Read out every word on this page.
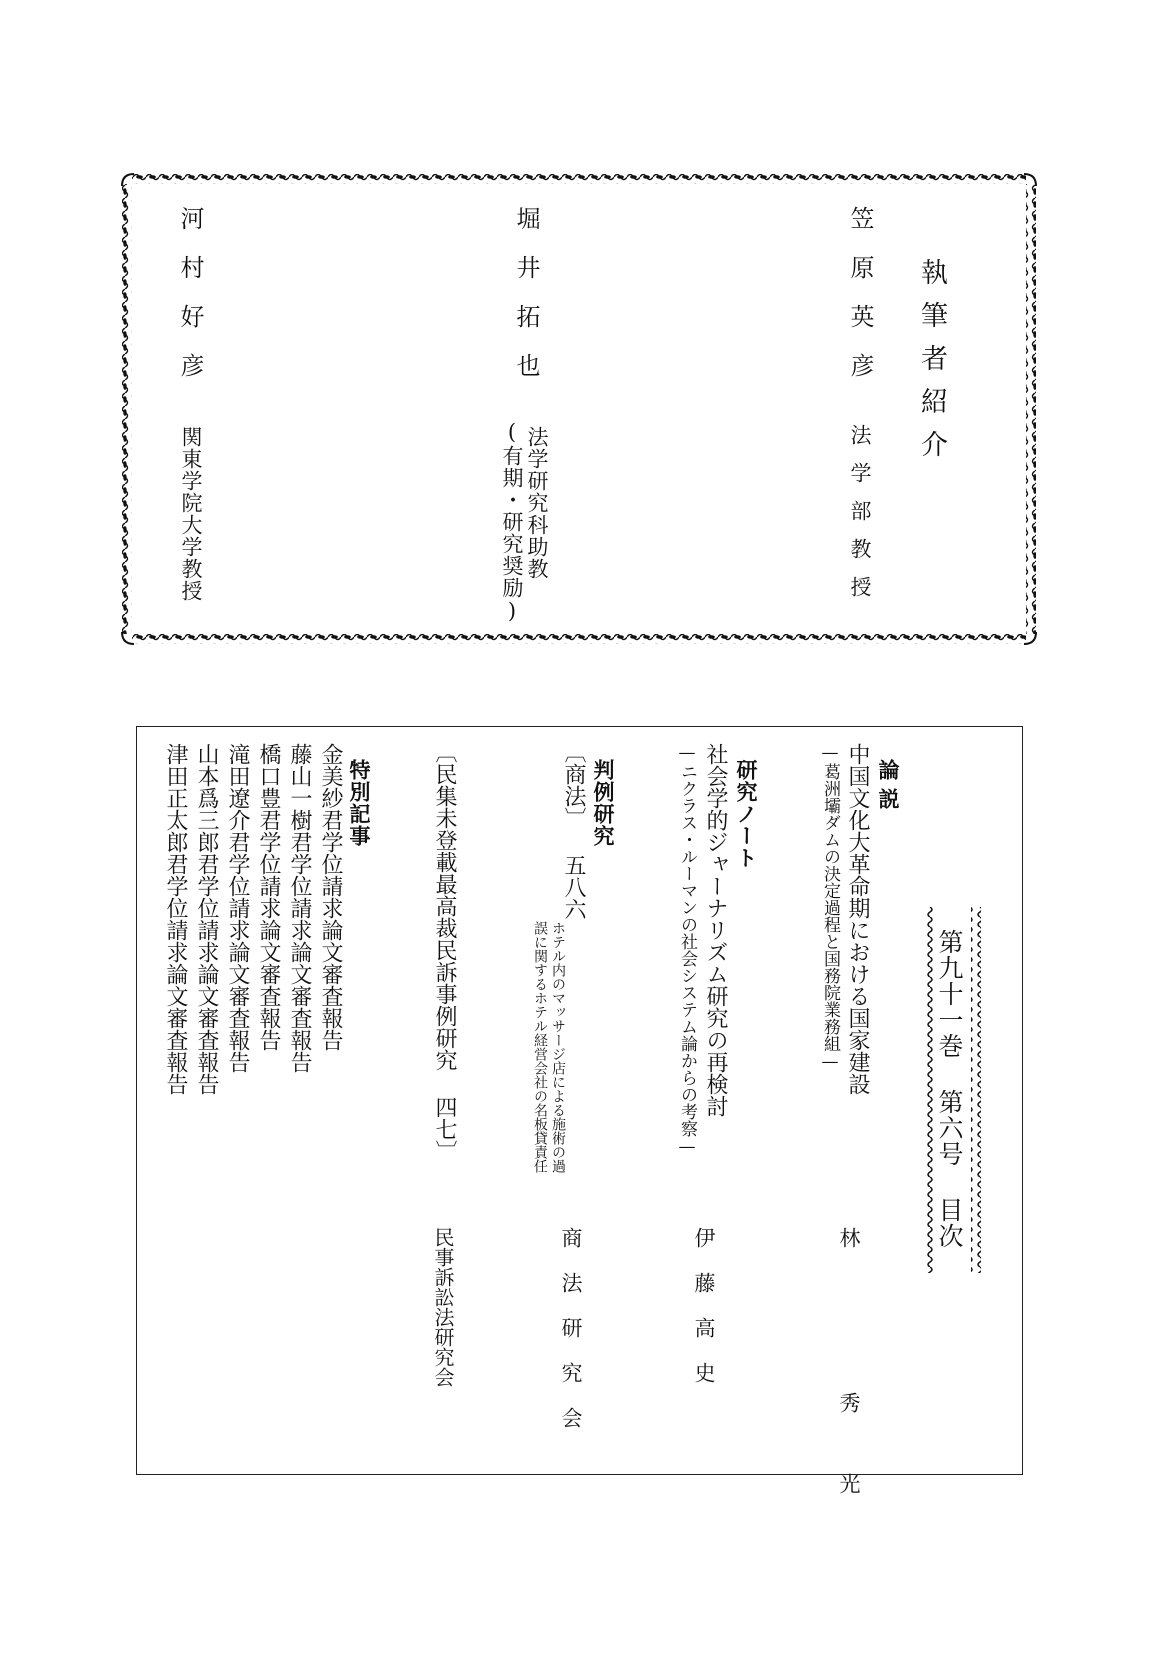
執筆者紹介
笠原英彦
法学部教授
堀井拓也
法学研究科助教
(有期・研究奨励)
河村好彦
関東学院大学教授
第九十一巻 第六号 目次
論説
中国文化大革命期における国家建設
—葛洲壩ダムの決定過程と国務院業務組—
林 秀光
研究ノート
社会学的ジャーナリズム研究の再検討
—ニクラス・ルーマンの社会システム論からの考察—
伊藤高史
判例研究
〔商法〕 五八六
ホテル内のマッサージ店による施術の過
誤に関するホテル経営会社の名板貸責任
商法研究会
〔民集未登載最高裁民訴事例研究 四七〕
民事訴訟法研究会
特別記事
金美紗君学位請求論文審査報告
藤山一樹君学位請求論文審査報告
橋口豊君学位請求論文審査報告
滝田遼介君学位請求論文審査報告
山本爲三郎君学位請求論文審査報告
津田正太郎君学位請求論文審査報告
